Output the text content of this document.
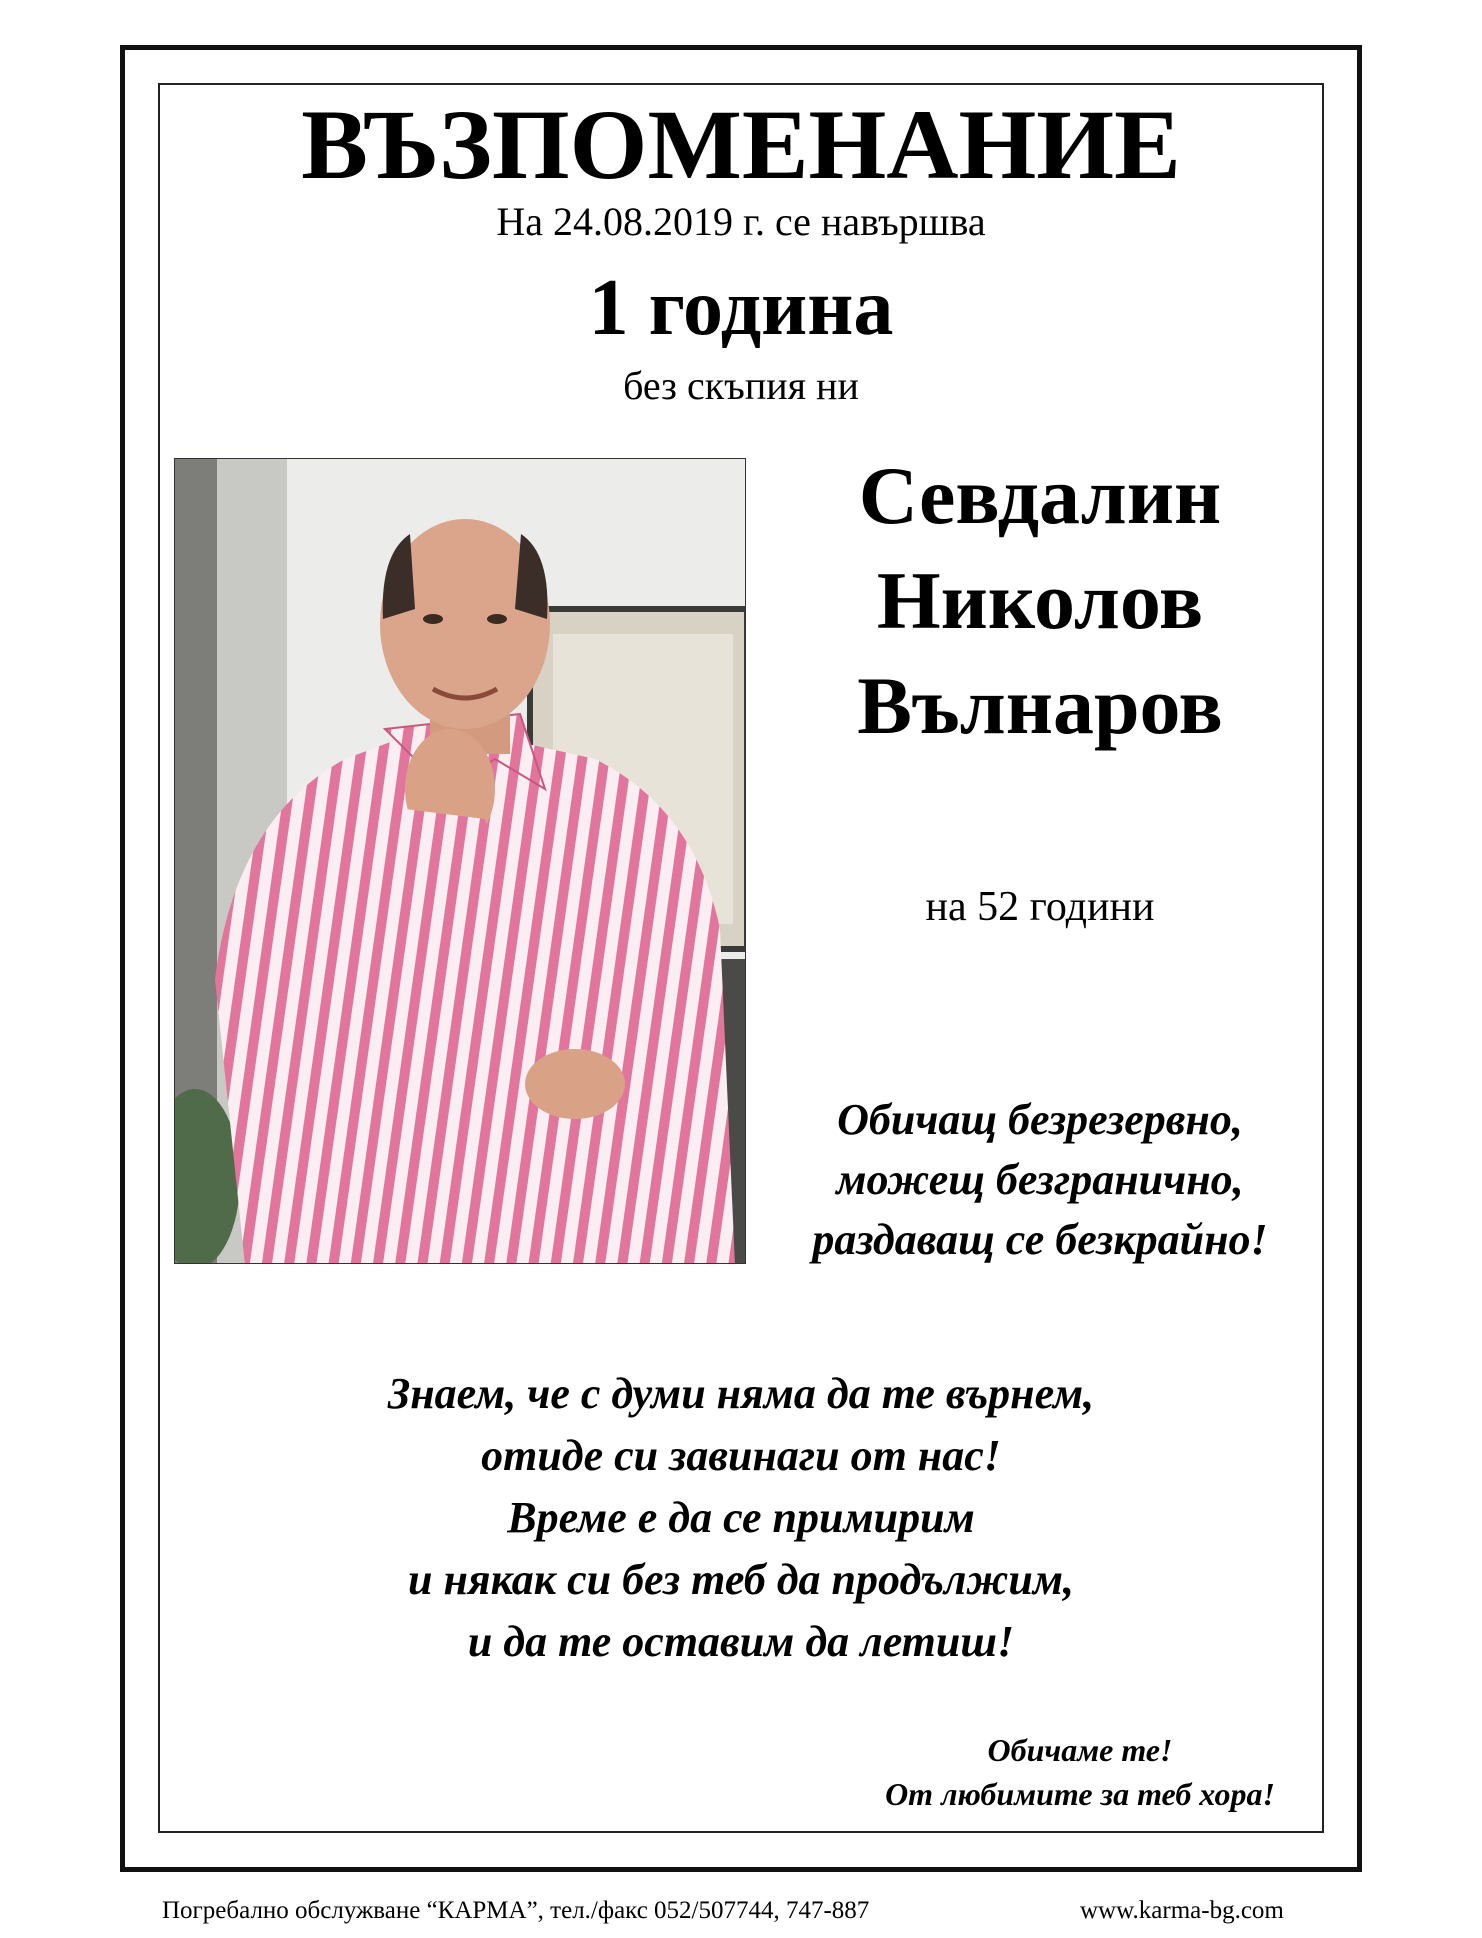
ВЪЗПОМЕНАНИЕ
На 24.08.2019 г. се навършва
1 година
без скъпия ни
Севдалин
Николов
Вълнаров
на 52 години
Обичащ безрезервно,
можещ безгранично,
раздаващ се безкрайно!
Знаем, че с думи няма да те върнем,
отиде си завинаги от нас!
Време е да се примирим
и някак си без теб да продължим,
и да те оставим да летиш!
Обичаме те!
От любимите за теб хора!
Погребално обслужване “КАРМА”, тел./факс 052/507744, 747-887	www.karma-bg.com
